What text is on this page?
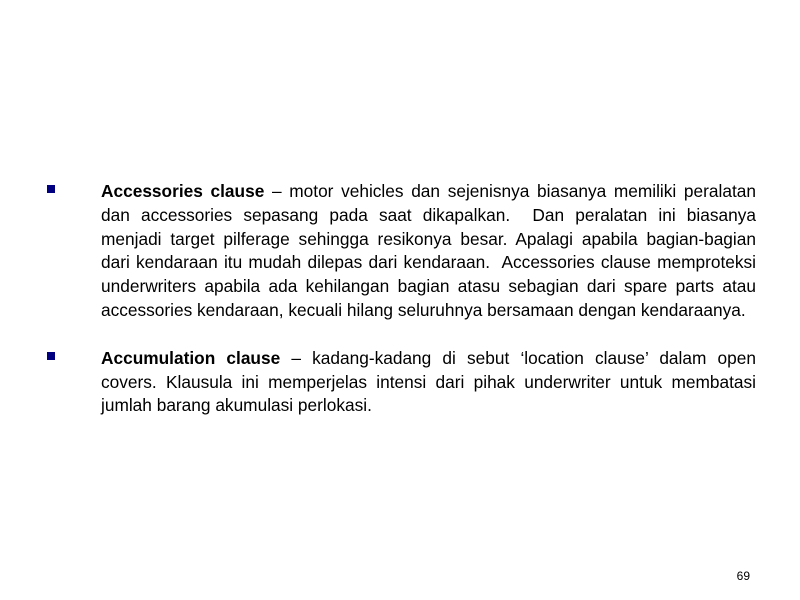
Accessories clause – motor vehicles dan sejenisnya biasanya memiliki peralatan dan accessories sepasang pada saat dikapalkan.  Dan peralatan ini biasanya menjadi target pilferage sehingga resikonya besar. Apalagi apabila bagian-bagian dari kendaraan itu mudah dilepas dari kendaraan.  Accessories clause memproteksi underwriters apabila ada kehilangan bagian atasu sebagian dari spare parts atau accessories kendaraan, kecuali hilang seluruhnya bersamaan dengan kendaraanya.
Accumulation clause – kadang-kadang di sebut ‘location clause’ dalam open covers. Klausula ini memperjelas intensi dari pihak underwriter untuk membatasi jumlah barang akumulasi perlokasi.
69
